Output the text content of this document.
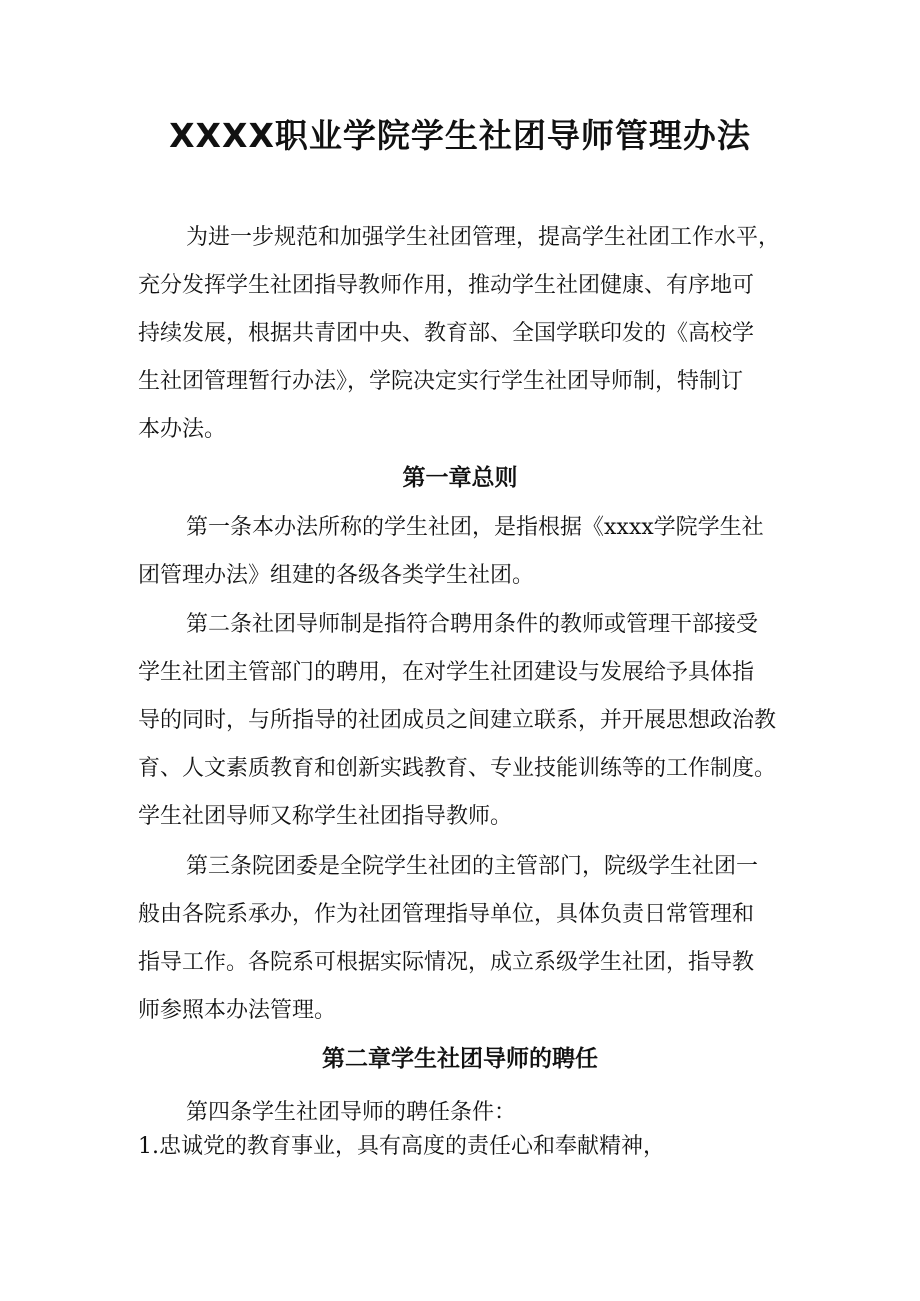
XXXX职业学院学生社团导师管理办法
为进一步规范和加强学生社团管理，提高学生社团工作水平，
充分发挥学生社团指导教师作用，推动学生社团健康、有序地可
持续发展，根据共青团中央、教育部、全国学联印发的《高校学
生社团管理暂行办法》，学院决定实行学生社团导师制，特制订
本办法。
第一章总则
第一条本办法所称的学生社团，是指根据《xxxx学院学生社
团管理办法》组建的各级各类学生社团。
第二条社团导师制是指符合聘用条件的教师或管理干部接受
学生社团主管部门的聘用，在对学生社团建设与发展给予具体指
导的同时，与所指导的社团成员之间建立联系，并开展思想政治教
育、人文素质教育和创新实践教育、专业技能训练等的工作制度。
学生社团导师又称学生社团指导教师。
第三条院团委是全院学生社团的主管部门，院级学生社团一
般由各院系承办，作为社团管理指导单位，具体负责日常管理和
指导工作。各院系可根据实际情况，成立系级学生社团，指导教
师参照本办法管理。
第二章学生社团导师的聘任
第四条学生社团导师的聘任条件：
1.忠诚党的教育事业，具有高度的责任心和奉献精神，
